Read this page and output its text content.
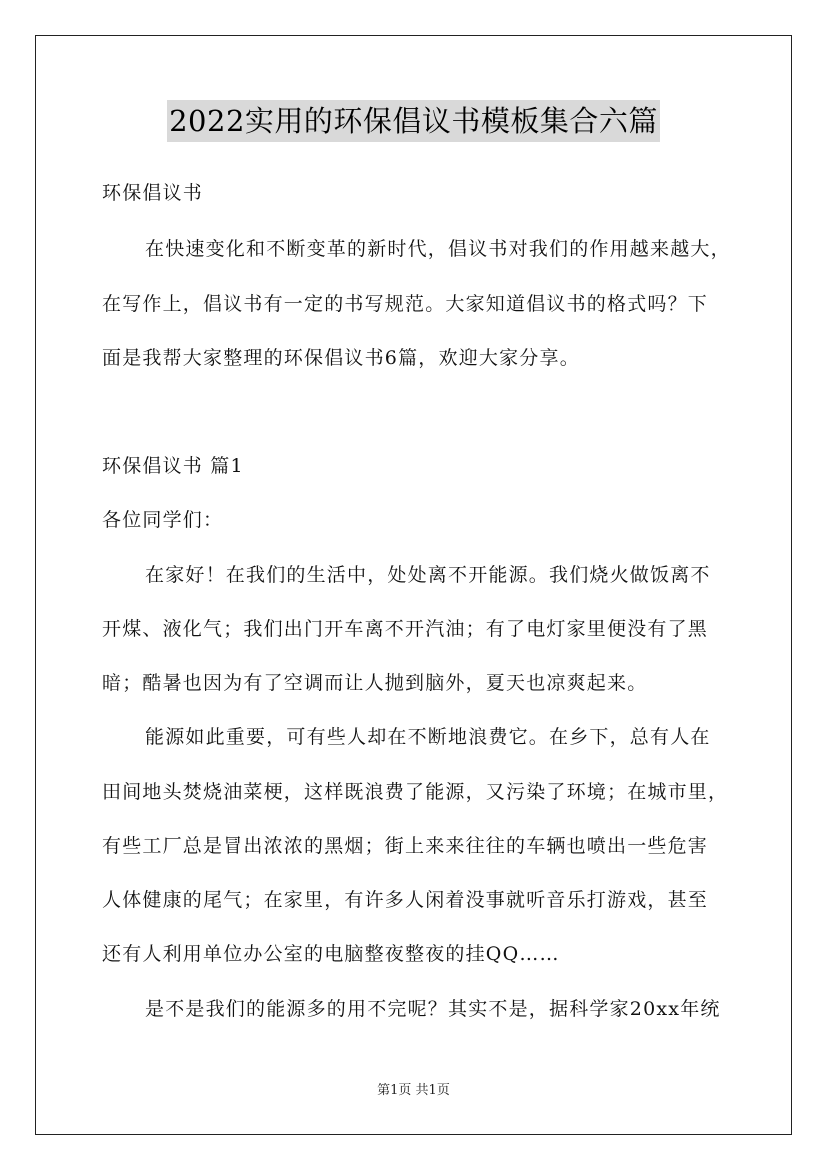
2022实用的环保倡议书模板集合六篇
环保倡议书
在快速变化和不断变革的新时代，倡议书对我们的作用越来越大，
在写作上，倡议书有一定的书写规范。大家知道倡议书的格式吗？下
面是我帮大家整理的环保倡议书6篇，欢迎大家分享。
环保倡议书 篇1
各位同学们：
在家好！在我们的生活中，处处离不开能源。我们烧火做饭离不
开煤、液化气；我们出门开车离不开汽油；有了电灯家里便没有了黑
暗；酷暑也因为有了空调而让人抛到脑外，夏天也凉爽起来。
能源如此重要，可有些人却在不断地浪费它。在乡下，总有人在
田间地头焚烧油菜梗，这样既浪费了能源，又污染了环境；在城市里，
有些工厂总是冒出浓浓的黑烟；街上来来往往的车辆也喷出一些危害
人体健康的尾气；在家里，有许多人闲着没事就听音乐打游戏，甚至
还有人利用单位办公室的电脑整夜整夜的挂QQ……
是不是我们的能源多的用不完呢？其实不是，据科学家20xx年统
第1页 共1页
